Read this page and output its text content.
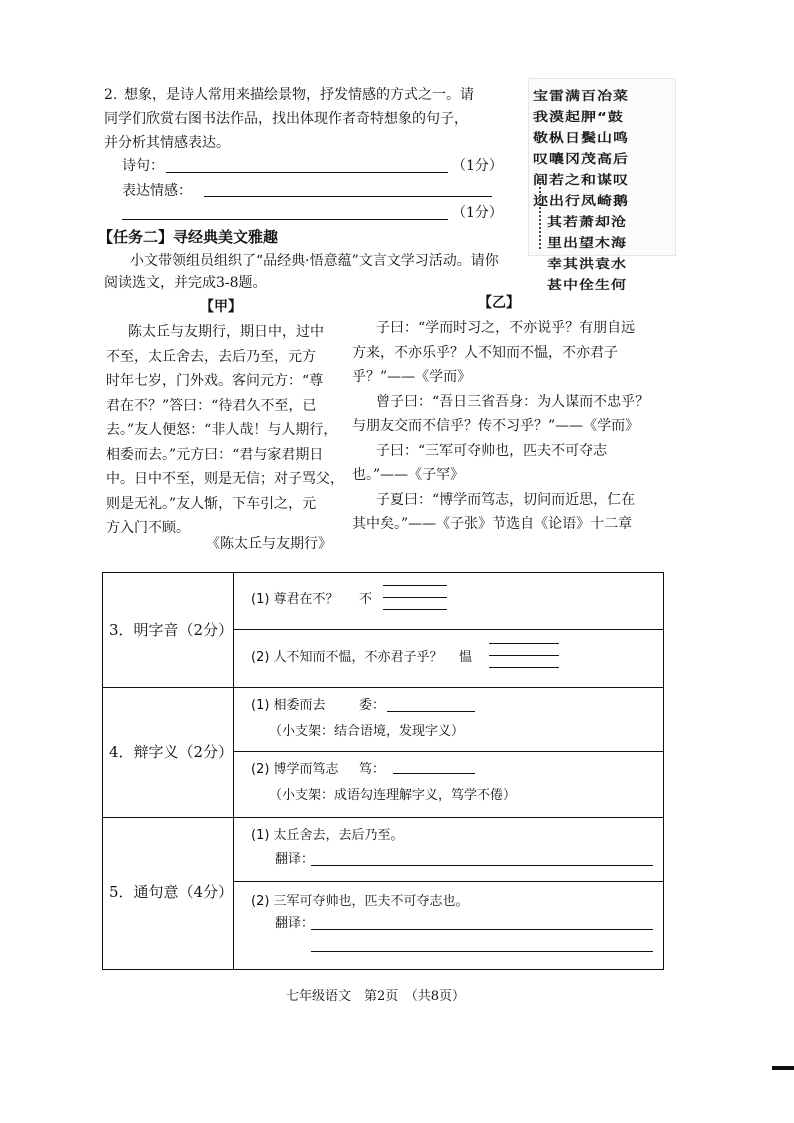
2. 想象，是诗人常用来描绘景物，抒发情感的方式之一。请
同学们欣赏右图书法作品，找出体现作者奇特想象的句子，
并分析其情感表达。
诗句：	（1分）
表达情感：
（1分）
宝雷满百冶菜
我漠起胛“鼓
敬枞日鬓山鸣
叹嚷冈茂高后
闾若之和谋叹
迩出行凤崎鹅
其若萧却沧
里出望木海
幸其洪袁水
甚中佺生何
【任务二】寻经典美文雅趣
小文带领组员组织了“品经典·悟意蕴”文言文学习活动。请你
阅读选文，并完成3-8题。
【甲】
陈太丘与友期行，期日中，过中
不至，太丘舍去，去后乃至，元方
时年七岁，门外戏。客问元方：“尊
君在不？”答曰：“待君久不至，已
去。”友人便怒：“非人哉！与人期行，
相委而去。”元方曰：“君与家君期日
中。日中不至，则是无信；对子骂父，
则是无礼。”友人惭，下车引之，元
方入门不顾。
《陈太丘与友期行》
【乙】
子曰：“学而时习之，不亦说乎？有朋自远
方来，不亦乐乎？人不知而不愠，不亦君子
乎？”——《学而》
曾子曰：“吾日三省吾身：为人谋而不忠乎？
与朋友交而不信乎？传不习乎？”——《学而》
子曰：“三军可夺帅也，匹夫不可夺志
也。”——《子罕》
子夏曰：“博学而笃志，切问而近思，仁在
其中矣。”——《子张》节选自《论语》十二章
3．明字音（2分）
(1) 尊君在不？ 不
(2) 人不知而不愠，不亦君子乎？ 愠
4．辩字义（2分）
(1) 相委而去	委：
（小支架：结合语境，发现字义）
(2) 博学而笃志 笃：
（小支架：成语勾连理解字义，笃学不倦）
5．通句意（4分）
(1) 太丘舍去，去后乃至。
翻译：
(2) 三军可夺帅也，匹夫不可夺志也。
翻译：
七年级语文　第2页　（共8页）
